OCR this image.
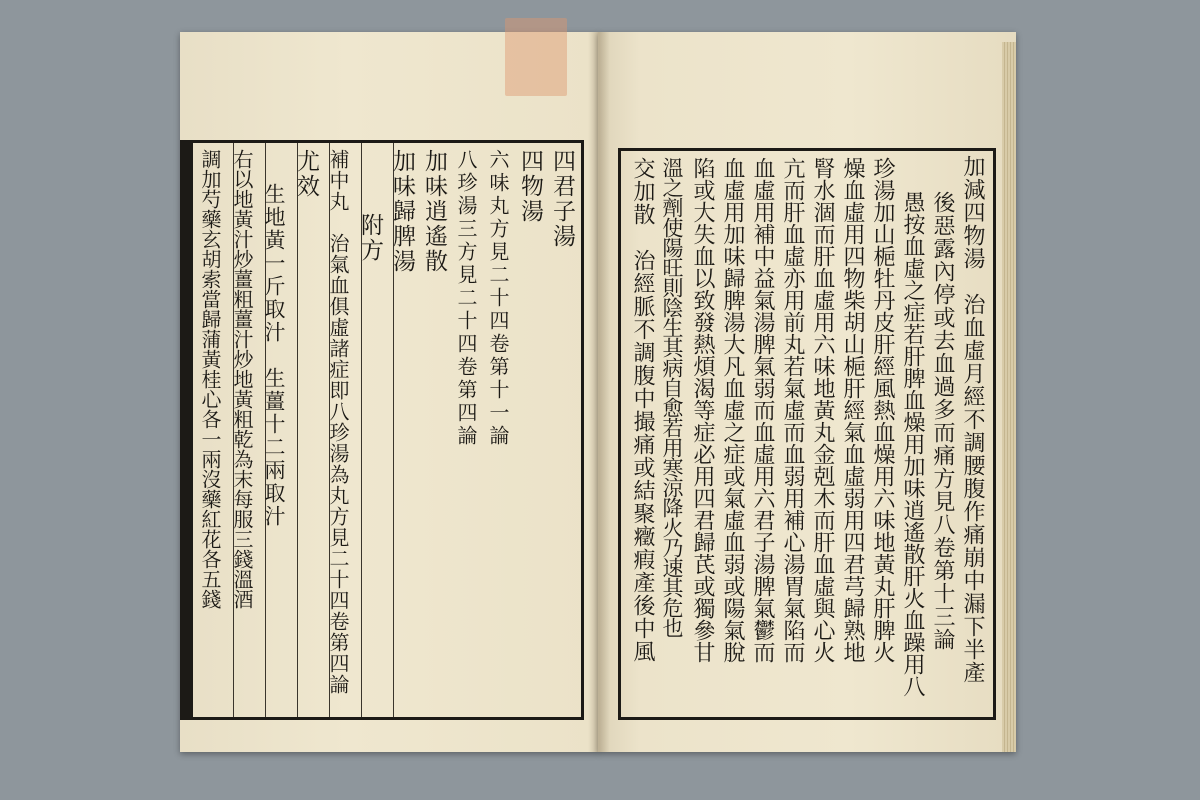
四君子湯
四物湯
六味丸方見二十四卷第十一論
八珍湯三方見二十四卷第四論
加味逍遙散
加味歸脾湯
附方
補中丸　治氣血俱虛諸症即八珍湯為丸方見二十四卷第四論
尤效
生地黃一斤取汁　生薑十二兩取汁
右以地黃汁炒薑粗薑汁炒地黃粗乾為末每服三錢溫酒
調加芍藥玄胡索當歸蒲黃桂心各一兩沒藥紅花各五錢	加減四物湯　治血虛月經不調腰腹作痛崩中漏下半產
後惡露內停或去血過多而痛方見八卷第十三論
愚按血虛之症若肝脾血燥用加味逍遙散肝火血躁用八
珍湯加山梔牡丹皮肝經風熱血燥用六味地黃丸肝脾火
燥血虛用四物柴胡山梔肝經氣血虛弱用四君芎歸熟地
腎水涸而肝血虛用六味地黃丸金剋木而肝血虛與心火
亢而肝血虛亦用前丸若氣虛而血弱用補心湯胃氣陷而
血虛用補中益氣湯脾氣弱而血虛用六君子湯脾氣鬱而
血虛用加味歸脾湯大凡血虛之症或氣虛血弱或陽氣脫
陷或大失血以致發熱煩渴等症必用四君歸芪或獨參甘
溫之劑使陽旺則陰生其病自愈若用寒涼降火乃速其危也
交加散　治經脈不調腹中撮痛或結聚癥瘕產後中風
